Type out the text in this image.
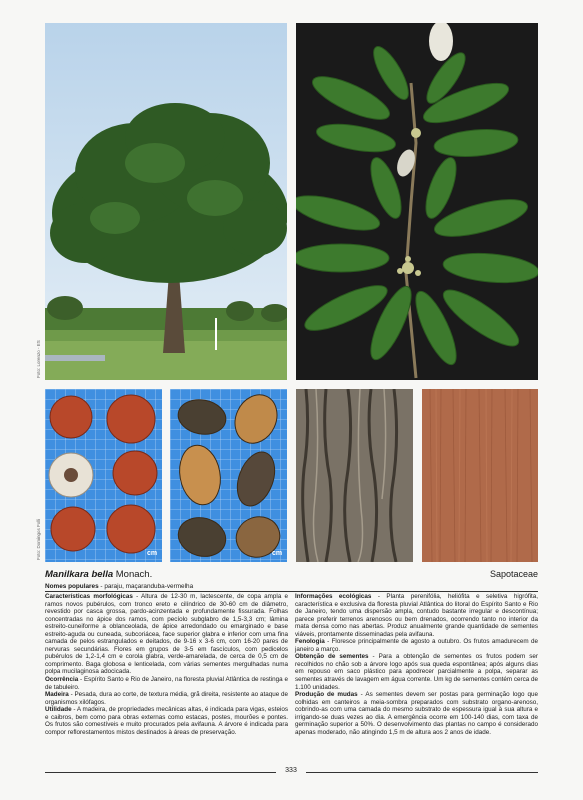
Foto: Lorenzo - ES
cm
Foto: Domingos Folli	cm
Manilkara bella Monach.	Sapotaceae
Nomes populares - paraju, maçaranduba-vermelha

Características morfológicas - Altura de 12-30 m, lactescente, de copa ampla e ramos novos pubérulos, com tronco ereto e cilíndrico de 30-60 cm de diâmetro, revestido por casca grossa, pardo-acinzentada e profundamente fissurada. Folhas concentradas no ápice dos ramos, com pecíolo subglabro de 1,5-3,3 cm; lâmina estreito-cuneiforme a oblanceolada, de ápice arredondado ou emarginado e base estreito-aguda ou cuneada, subcoriácea, face superior glabra e inferior com uma fina camada de pelos estrangulados e deitados, de 9-16 x 3-6 cm, com 16-20 pares de nervuras secundárias. Flores em grupos de 3-5 em fascículos, com pedicelos pubérulos de 1,2-1,4 cm e corola glabra, verde-amarelada, de cerca de 0,5 cm de comprimento. Baga globosa e lenticelada, com várias sementes mergulhadas numa polpa mucilaginosa adocicada.

Ocorrência - Espírito Santo e Rio de Janeiro, na floresta pluvial Atlântica de restinga e de tabuleiro.

Madeira - Pesada, dura ao corte, de textura média, grã direita, resistente ao ataque de organismos xilófagos.

Utilidade - A madeira, de propriedades mecânicas altas, é indicada para vigas, esteios e caibros, bem como para obras externas como estacas, postes, mourões e pontes. Os frutos são comestíveis e muito procurados pela avifauna. A árvore é indicada para compor reflorestamentos mistos destinados à áreas de preservação.

Informações ecológicas - Planta perenifólia, heliófita e seletiva higrófita, característica e exclusiva da floresta pluvial Atlântica do litoral do Espírito Santo e Rio de Janeiro, tendo uma dispersão ampla, contudo bastante irregular e descontínua; parece preferir terrenos arenosos ou bem drenados, ocorrendo tanto no interior da mata densa como nas abertas. Produz anualmente grande quantidade de sementes viáveis, prontamente disseminadas pela avifauna.

Fenologia - Floresce principalmente de agosto a outubro. Os frutos amadurecem de janeiro a março.

Obtenção de sementes - Para a obtenção de sementes os frutos podem ser recolhidos no chão sob a árvore logo após sua queda espontânea; após alguns dias em repouso em saco plástico para apodrecer parcialmente a polpa, separar as sementes através de lavagem em água corrente. Um kg de sementes contém cerca de 1.100 unidades.

Produção de mudas - As sementes devem ser postas para germinação logo que colhidas em canteiros a meia-sombra preparados com substrato organo-arenoso, cobrindo-as com uma camada do mesmo substrato de espessura igual à sua altura e irrigando-se duas vezes ao dia. A emergência ocorre em 100-140 dias, com taxa de germinação superior a 50%. O desenvolvimento das plantas no campo é considerado apenas moderado, não atingindo 1,5 m de altura aos 2 anos de idade.

333
